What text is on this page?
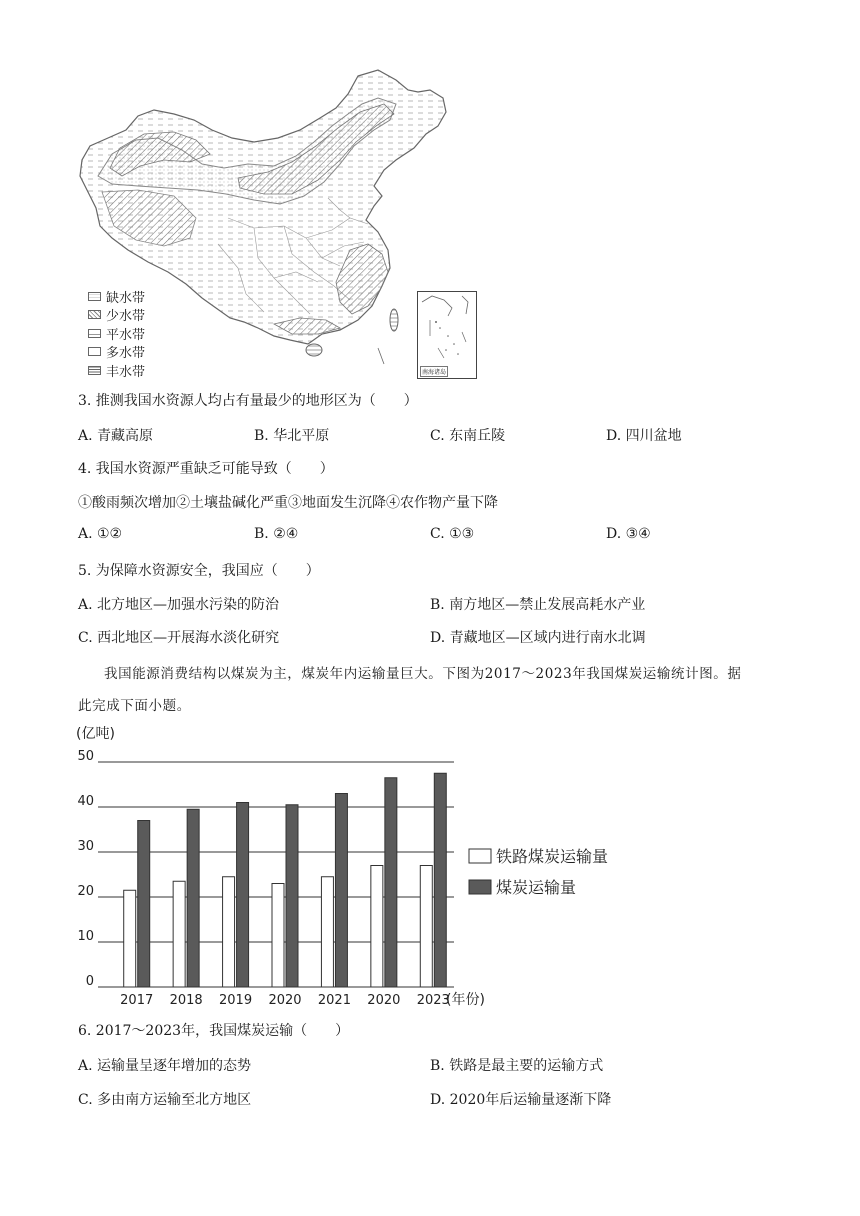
缺水带
少水带
平水带
多水带
丰水带	南海诸岛
3. 推测我国水资源人均占有量最少的地形区为（　　）
A. 青藏高原	B. 华北平原	C. 东南丘陵	D. 四川盆地
4. 我国水资源严重缺乏可能导致（　　）
①酸雨频次增加②土壤盐碱化严重③地面发生沉降④农作物产量下降
A. ①②	B. ②④	C. ①③	D. ③④
5. 为保障水资源安全，我国应（　　）
A. 北方地区—加强水污染的防治	B. 南方地区—禁止发展高耗水产业
C. 西北地区—开展海水淡化研究	D. 青藏地区—区域内进行南水北调
我国能源消费结构以煤炭为主，煤炭年内运输量巨大。下图为2017～2023年我国煤炭运输统计图。据
此完成下面小题。
(亿吨)
0
10
20
30
40
50
2017 2018 2019 2020 2021 2020 2023
(年份)
铁路煤炭运输量
煤炭运输量
6. 2017～2023年，我国煤炭运输（　　）
A. 运输量呈逐年增加的态势	B. 铁路是最主要的运输方式
C. 多由南方运输至北方地区	D. 2020年后运输量逐渐下降
